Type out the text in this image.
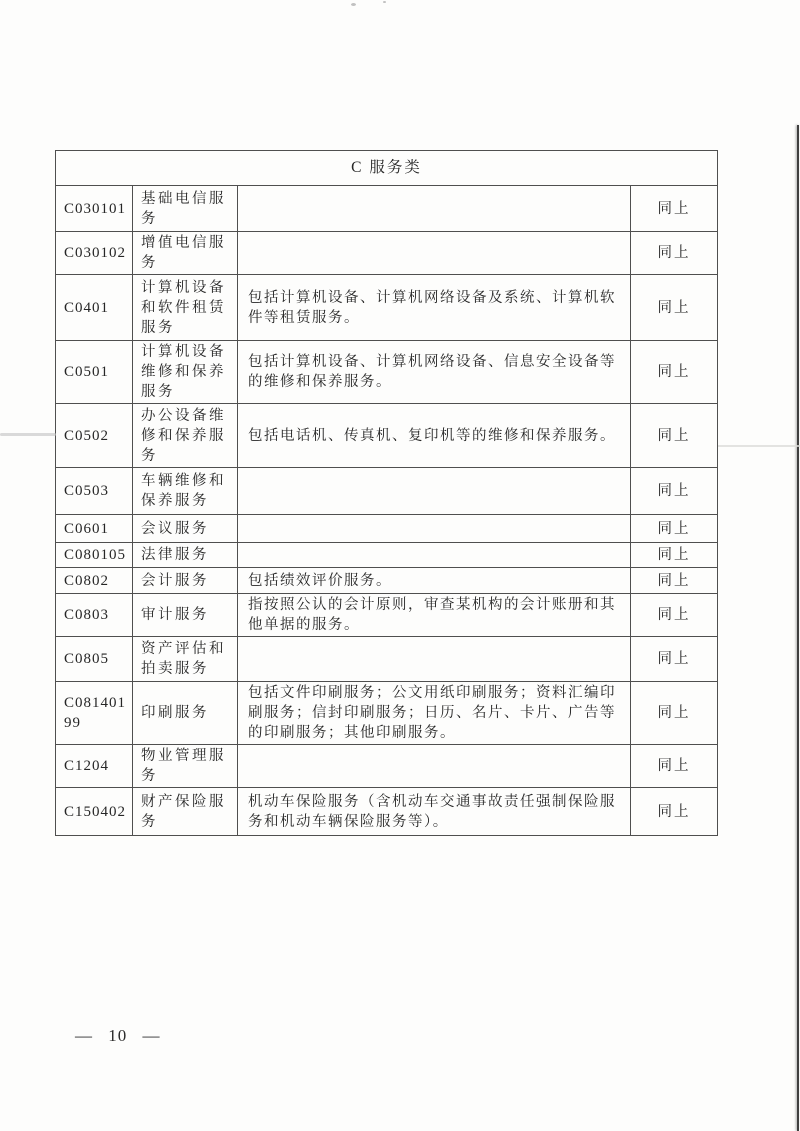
C 服务类			
C030101	基础电信服务		同上
C030102	增值电信服务		同上
C0401	计算机设备和软件租赁服务	包括计算机设备、计算机网络设备及系统、计算机软件等租赁服务。	同上
C0501	计算机设备维修和保养服务	包括计算机设备、计算机网络设备、信息安全设备等的维修和保养服务。	同上
C0502	办公设备维修和保养服务	包括电话机、传真机、复印机等的维修和保养服务。	同上
C0503	车辆维修和保养服务		同上
C0601	会议服务		同上
C080105	法律服务		同上
C0802	会计服务	包括绩效评价服务。	同上
C0803	审计服务	指按照公认的会计原则，审查某机构的会计账册和其他单据的服务。	同上
C0805	资产评估和拍卖服务		同上
C08140199	印刷服务	包括文件印刷服务；公文用纸印刷服务；资料汇编印刷服务；信封印刷服务；日历、名片、卡片、广告等的印刷服务；其他印刷服务。	同上
C1204	物业管理服务		同上
C150402	财产保险服务	机动车保险服务（含机动车交通事故责任强制保险服务和机动车辆保险服务等）。	同上
— 10 —
